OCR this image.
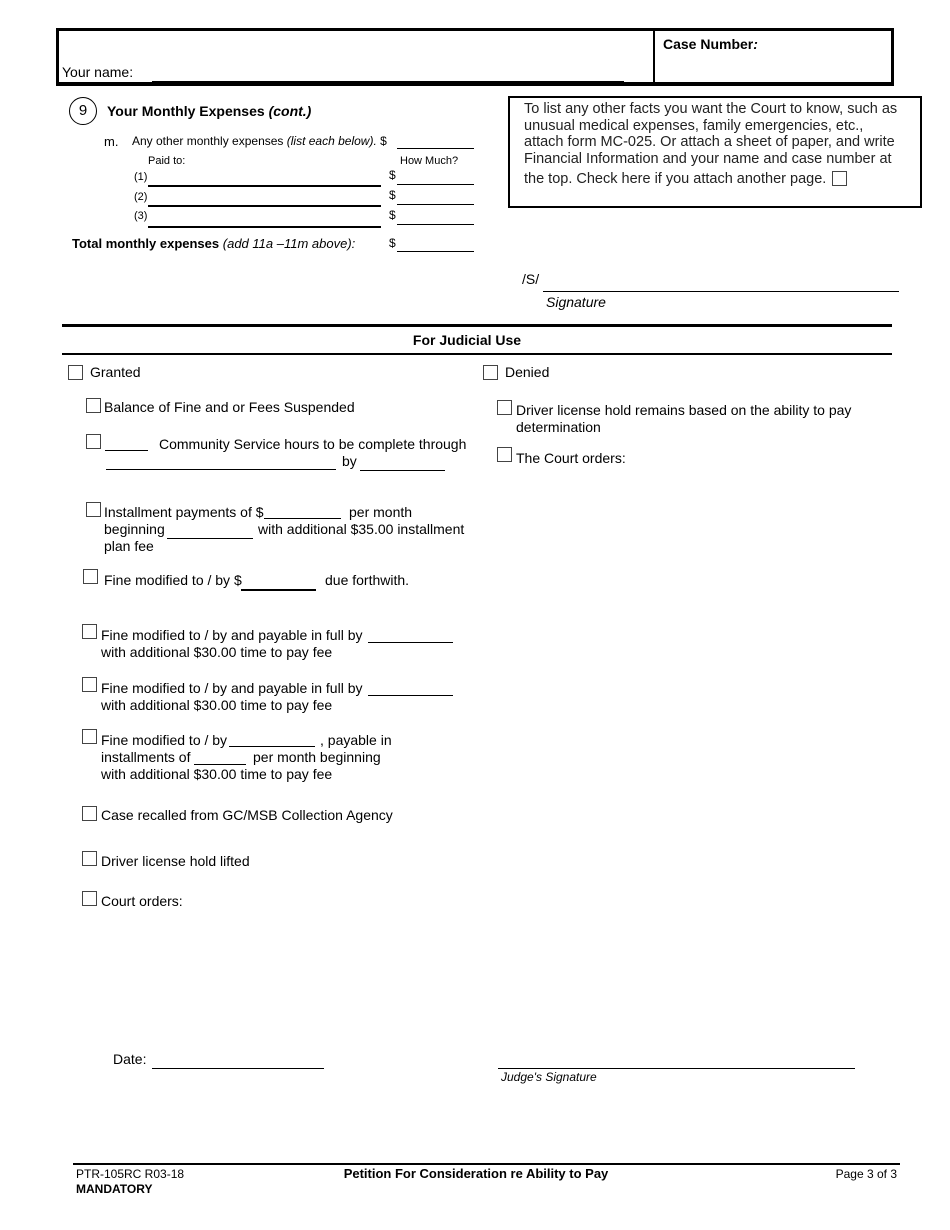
Your name:
Case Number:
9	Your Monthly Expenses (cont.)
m. Any other monthly expenses (list each below). $
Paid to:	How Much?
(1)	$
(2)	$
(3)	$
Total monthly expenses (add 11a –11m above):	$
To list any other facts you want the Court to know, such as unusual medical expenses, family emergencies, etc., attach form MC-025. Or attach a sheet of paper, and write Financial Information and your name and case number at the top. Check here if you attach another page.
/S/
Signature
For Judicial Use
Granted
Balance of Fine and or Fees Suspended
Community Service hours to be complete through
by
Installment payments of $	per month
beginning	with additional $35.00 installment
plan fee
Fine modified to / by $	due forthwith.
Fine modified to / by and payable in full by
with additional $30.00 time to pay fee
Fine modified to / by and payable in full by
with additional $30.00 time to pay fee
Fine modified to / by	, payable in
installments of	per month beginning
with additional $30.00 time to pay fee
Case recalled from GC/MSB Collection Agency
Driver license hold lifted
Court orders:
Denied
Driver license hold remains based on the ability to pay
determination
The Court orders:
Date:
Judge's Signature
PTR-105RC R03-18
MANDATORY
Petition For Consideration re Ability to Pay	Page 3 of 3
